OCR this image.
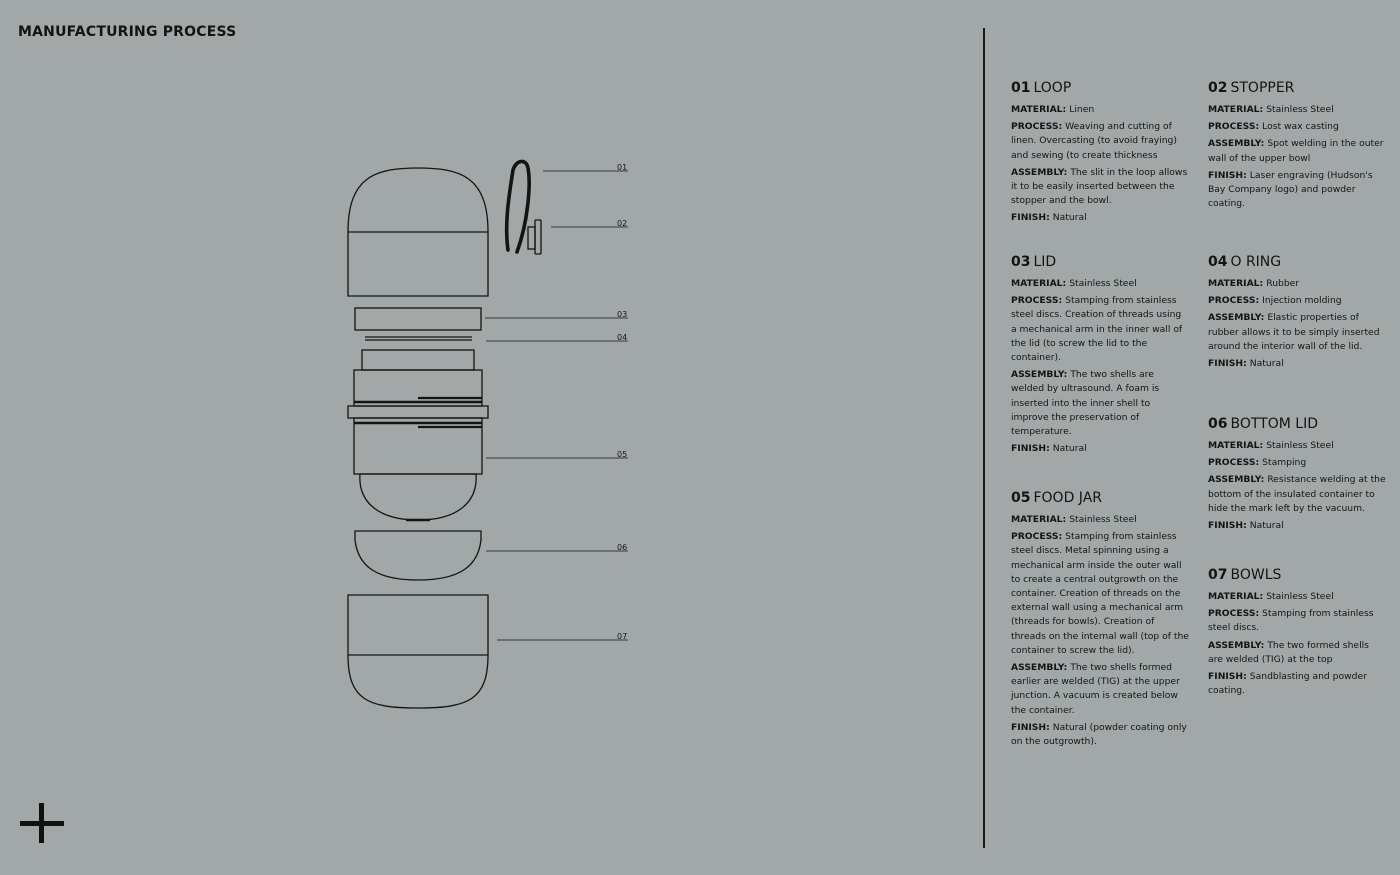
MANUFACTURING PROCESS
01
02
03
04
05
06
07
01 LOOP

MATERIAL: Linen

PROCESS: Weaving and cutting of linen. Overcasting (to avoid fraying) and sewing (to create thickness

ASSEMBLY: The slit in the loop allows it to be easily inserted between the stopper and the bowl.

FINISH: Natural

02 STOPPER

MATERIAL: Stainless Steel

PROCESS: Lost wax casting

ASSEMBLY: Spot welding in the outer wall of the upper bowl

FINISH: Laser engraving (Hudson's Bay Company logo) and powder coating.

03 LID

MATERIAL: Stainless Steel

PROCESS: Stamping from stainless steel discs. Creation of threads using a mechanical arm in the inner wall of the lid (to screw the lid to the container).

ASSEMBLY: The two shells are welded by ultrasound. A foam is inserted into the inner shell to improve the preservation of temperature.

FINISH: Natural

04 O RING

MATERIAL: Rubber

PROCESS: Injection molding

ASSEMBLY: Elastic properties of rubber allows it to be simply inserted around the interior wall of the lid.

FINISH: Natural

05 FOOD JAR

MATERIAL: Stainless Steel

PROCESS: Stamping from stainless steel discs. Metal spinning using a mechanical arm inside the outer wall to create a central outgrowth on the container. Creation of threads on the external wall using a mechanical arm (threads for bowls). Creation of threads on the internal wall (top of the container to screw the lid).

ASSEMBLY: The two shells formed earlier are welded (TIG) at the upper junction. A vacuum is created below the container.

FINISH: Natural (powder coating only on the outgrowth).

06 BOTTOM LID

MATERIAL: Stainless Steel

PROCESS: Stamping

ASSEMBLY: Resistance welding at the bottom of the insulated container to hide the mark left by the vacuum.

FINISH: Natural

07 BOWLS

MATERIAL: Stainless Steel

PROCESS: Stamping from stainless steel discs.

ASSEMBLY: The two formed shells are welded (TIG) at the top

FINISH: Sandblasting and powder coating.
